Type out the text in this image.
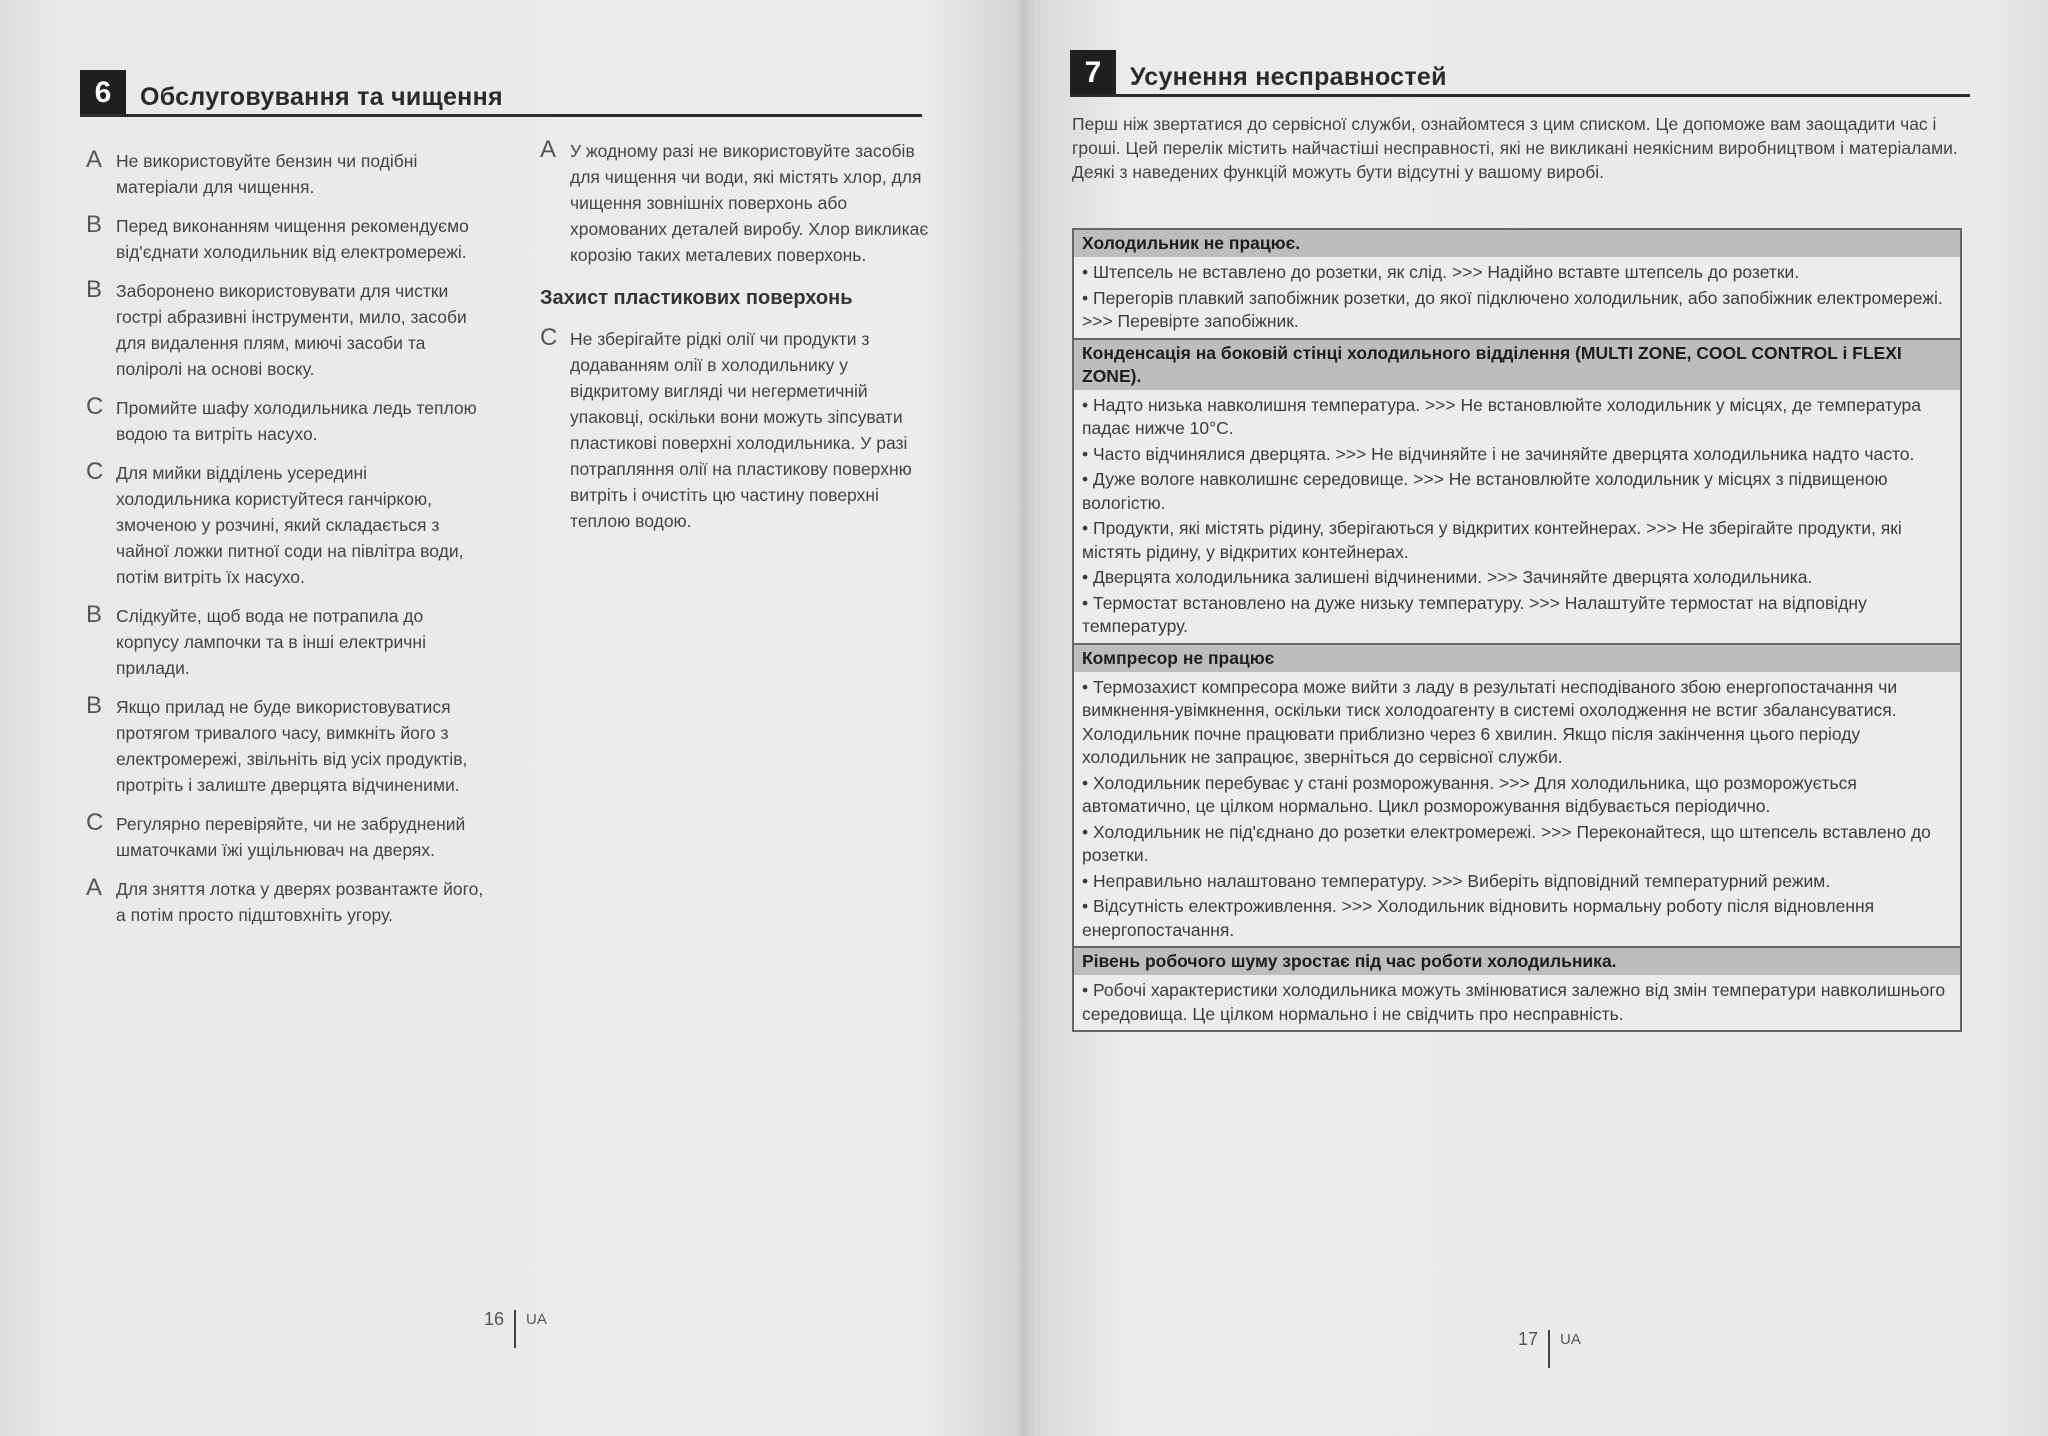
6	Обслуговування та чищення
A Не використовуйте бензин чи подібні матеріали для чищення.
B Перед виконанням чищення рекомендуємо від'єднати холодильник від електромережі.
B Заборонено використовувати для чистки гострі абразивні інструменти, мило, засоби для видалення плям, миючі засоби та поліролі на основі воску.
C Промийте шафу холодильника ледь теплою водою та витріть насухо.
C Для мийки відділень усередині холодильника користуйтеся ганчіркою, змоченою у розчині, який складається з чайної ложки питної соди на півлітра води, потім витріть їх насухо.
B Слідкуйте, щоб вода не потрапила до корпусу лампочки та в інші електричні прилади.
B Якщо прилад не буде використовуватися протягом тривалого часу, вимкніть його з електромережі, звільніть від усіх продуктів, протріть і залиште дверцята відчиненими.
C Регулярно перевіряйте, чи не забруднений шматочками їжі ущільнювач на дверях.
A Для зняття лотка у дверях розвантажте його, а потім просто підштовхніть угору.
A У жодному разі не використовуйте засобів для чищення чи води, які містять хлор, для чищення зовнішніх поверхонь або хромованих деталей виробу. Хлор викликає корозію таких металевих поверхонь.
Захист пластикових поверхонь
C Не зберігайте рідкі олії чи продукти з додаванням олії в холодильнику у відкритому вигляді чи негерметичній упаковці, оскільки вони можуть зіпсувати пластикові поверхні холодильника. У разі потрапляння олії на пластикову поверхню витріть і очистіть цю частину поверхні теплою водою.
16 UA
7	Усунення несправностей
Перш ніж звертатися до сервісної служби, ознайомтеся з цим списком. Це допоможе вам заощадити час і гроші. Цей перелік містить найчастіші несправності, які не викликані неякісним виробництвом і матеріалами. Деякі з наведених функцій можуть бути відсутні у вашому виробі.
Холодильник не працює.

• Штепсель не вставлено до розетки, як слід. >>> Надійно вставте штепсель до розетки.

• Перегорів плавкий запобіжник розетки, до якої підключено холодильник, або запобіжник електромережі. >>> Перевірте запобіжник.

Конденсація на боковій стінці холодильного відділення (MULTI ZONE, COOL CONTROL і FLEXI ZONE).

• Надто низька навколишня температура. >>> Не встановлюйте холодильник у місцях, де температура падає нижче 10°C.

• Часто відчинялися дверцята. >>> Не відчиняйте і не зачиняйте дверцята холодильника надто часто.

• Дуже вологе навколишнє середовище. >>> Не встановлюйте холодильник у місцях з підвищеною вологістю.

• Продукти, які містять рідину, зберігаються у відкритих контейнерах. >>> Не зберігайте продукти, які містять рідину, у відкритих контейнерах.

• Дверцята холодильника залишені відчиненими. >>> Зачиняйте дверцята холодильника.

• Термостат встановлено на дуже низьку температуру. >>> Налаштуйте термостат на відповідну температуру.

Компресор не працює

• Термозахист компресора може вийти з ладу в результаті несподіваного збою енергопостачання чи вимкнення-увімкнення, оскільки тиск холодоагенту в системі охолодження не встиг збалансуватися. Холодильник почне працювати приблизно через 6 хвилин. Якщо після закінчення цього періоду холодильник не запрацює, зверніться до сервісної служби.

• Холодильник перебуває у стані розморожування. >>> Для холодильника, що розморожується автоматично, це цілком нормально. Цикл розморожування відбувається періодично.

• Холодильник не під'єднано до розетки електромережі. >>> Переконайтеся, що штепсель вставлено до розетки.

• Неправильно налаштовано температуру. >>> Виберіть відповідний температурний режим.

• Відсутність електроживлення. >>> Холодильник відновить нормальну роботу після відновлення енергопостачання.

Рівень робочого шуму зростає під час роботи холодильника.

• Робочі характеристики холодильника можуть змінюватися залежно від змін температури навколишнього середовища. Це цілком нормально і не свідчить про несправність.

17 UA
